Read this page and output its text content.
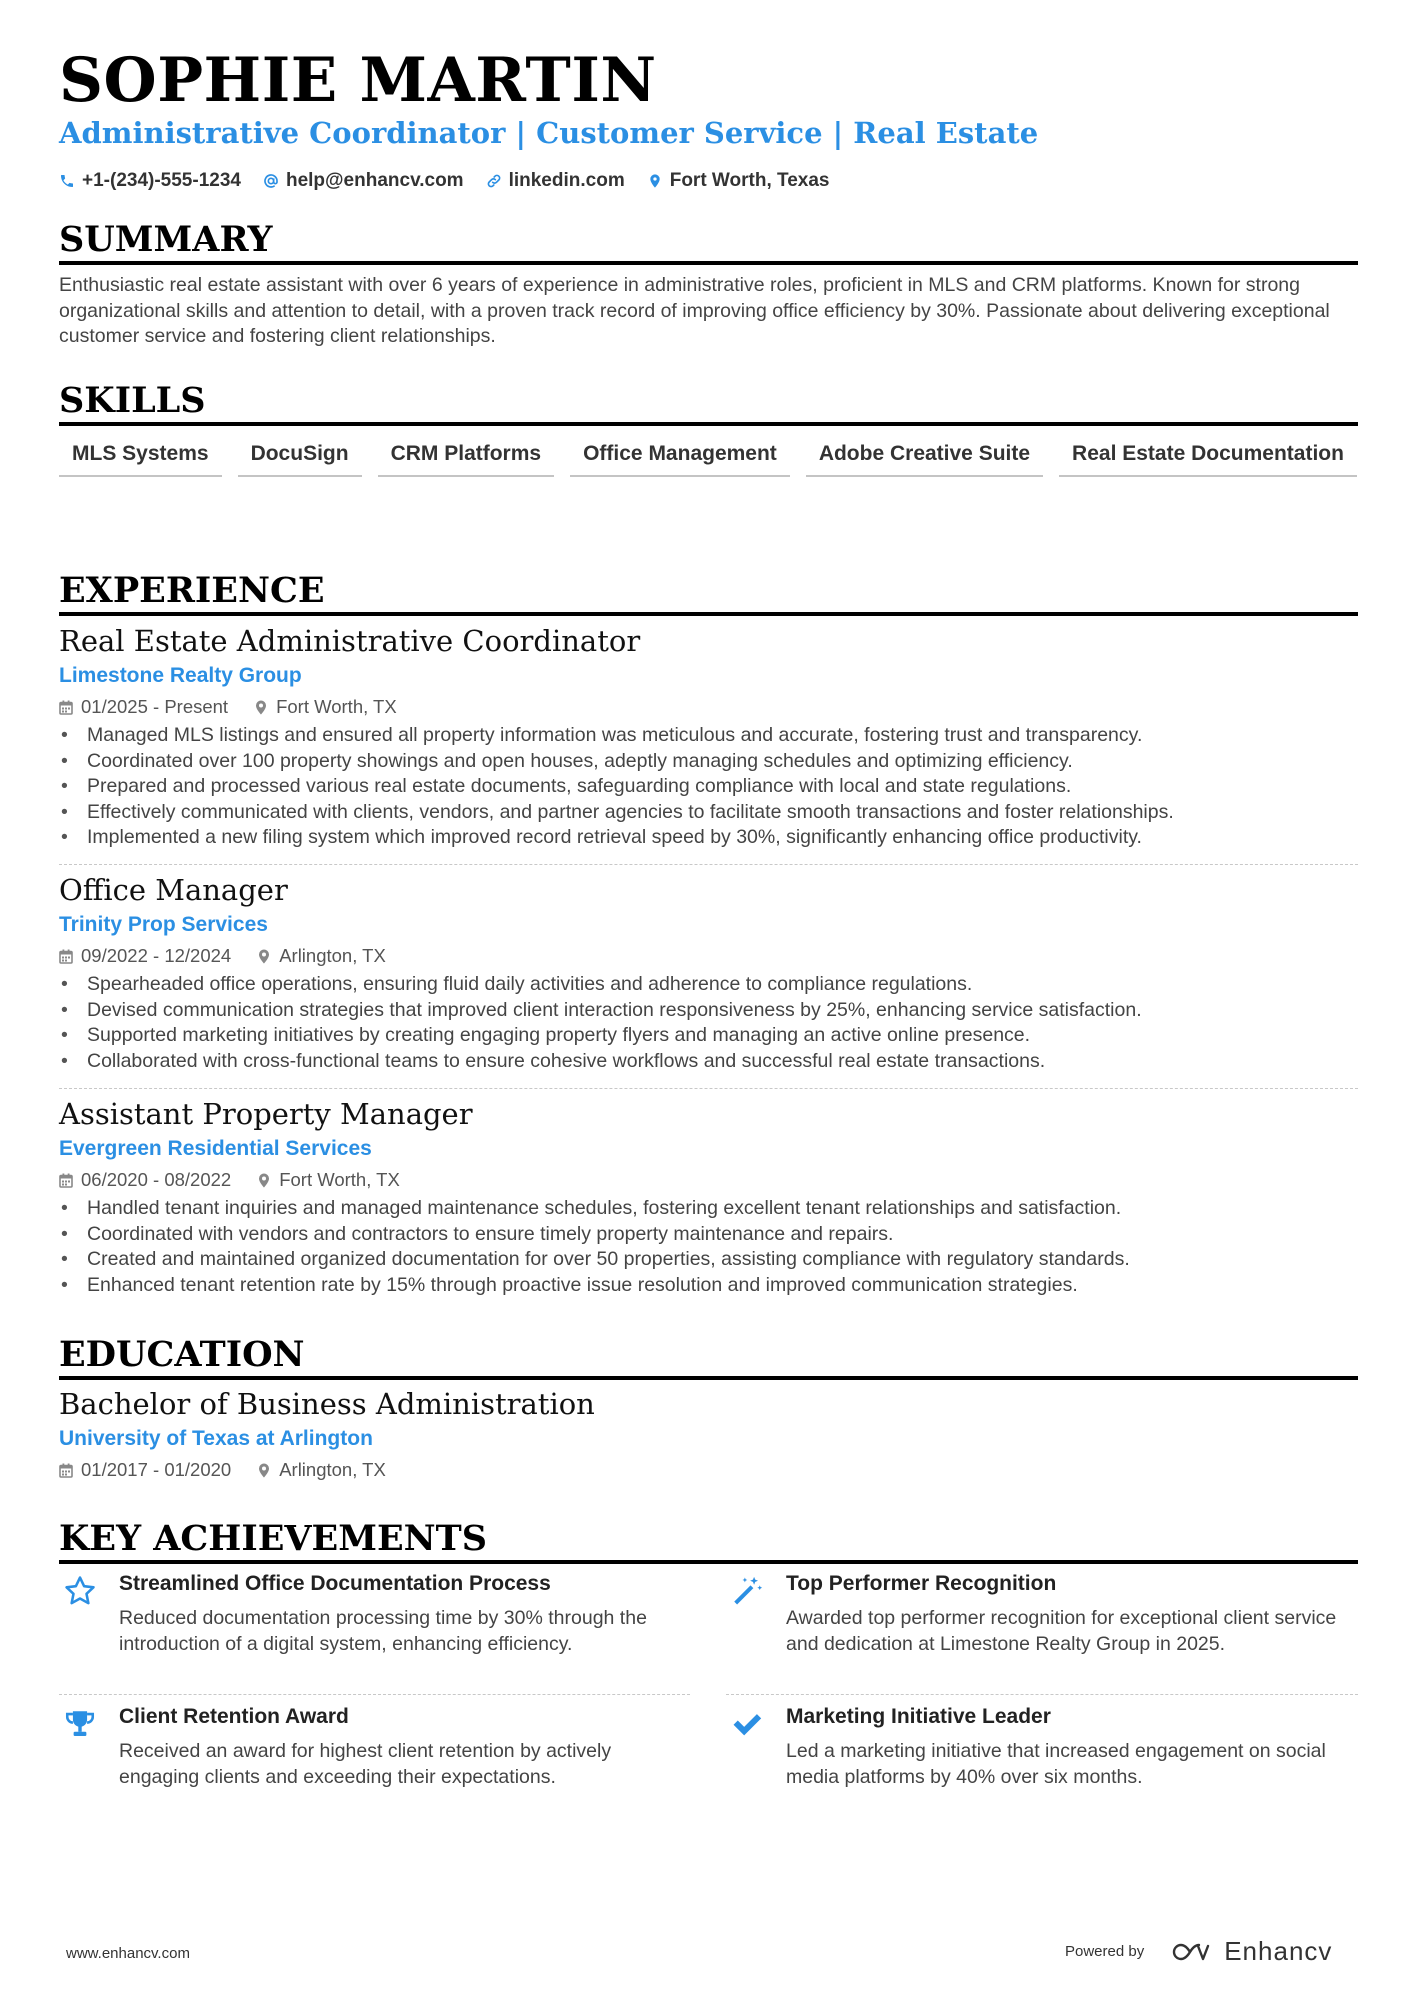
SOPHIE MARTIN
Administrative Coordinator | Customer Service | Real Estate
+1-(234)-555-1234 help@enhancv.com linkedin.com Fort Worth, Texas
SUMMARY
Enthusiastic real estate assistant with over 6 years of experience in administrative roles, proficient in MLS and CRM platforms. Known for strong organizational skills and attention to detail, with a proven track record of improving office efficiency by 30%. Passionate about delivering exceptional customer service and fostering client relationships.
SKILLS
MLS Systems	DocuSign	CRM Platforms	Office Management	Adobe Creative Suite	Real Estate Documentation
EXPERIENCE
Real Estate Administrative Coordinator
Limestone Realty Group
01/2025 - Present	Fort Worth, TX
• Managed MLS listings and ensured all property information was meticulous and accurate, fostering trust and transparency.
• Coordinated over 100 property showings and open houses, adeptly managing schedules and optimizing efficiency.
• Prepared and processed various real estate documents, safeguarding compliance with local and state regulations.
• Effectively communicated with clients, vendors, and partner agencies to facilitate smooth transactions and foster relationships.
• Implemented a new filing system which improved record retrieval speed by 30%, significantly enhancing office productivity.
Office Manager
Trinity Prop Services
09/2022 - 12/2024	Arlington, TX
• Spearheaded office operations, ensuring fluid daily activities and adherence to compliance regulations.
• Devised communication strategies that improved client interaction responsiveness by 25%, enhancing service satisfaction.
• Supported marketing initiatives by creating engaging property flyers and managing an active online presence.
• Collaborated with cross-functional teams to ensure cohesive workflows and successful real estate transactions.
Assistant Property Manager
Evergreen Residential Services
06/2020 - 08/2022	Fort Worth, TX
• Handled tenant inquiries and managed maintenance schedules, fostering excellent tenant relationships and satisfaction.
• Coordinated with vendors and contractors to ensure timely property maintenance and repairs.
• Created and maintained organized documentation for over 50 properties, assisting compliance with regulatory standards.
• Enhanced tenant retention rate by 15% through proactive issue resolution and improved communication strategies.
EDUCATION
Bachelor of Business Administration
University of Texas at Arlington
01/2017 - 01/2020	Arlington, TX
KEY ACHIEVEMENTS
Streamlined Office Documentation Process
Reduced documentation processing time by 30% through the introduction of a digital system, enhancing efficiency.
Top Performer Recognition
Awarded top performer recognition for exceptional client service and dedication at Limestone Realty Group in 2025.
Client Retention Award
Received an award for highest client retention by actively engaging clients and exceeding their expectations.
Marketing Initiative Leader
Led a marketing initiative that increased engagement on social media platforms by 40% over six months.
www.enhancv.com	Powered by	Enhancv
